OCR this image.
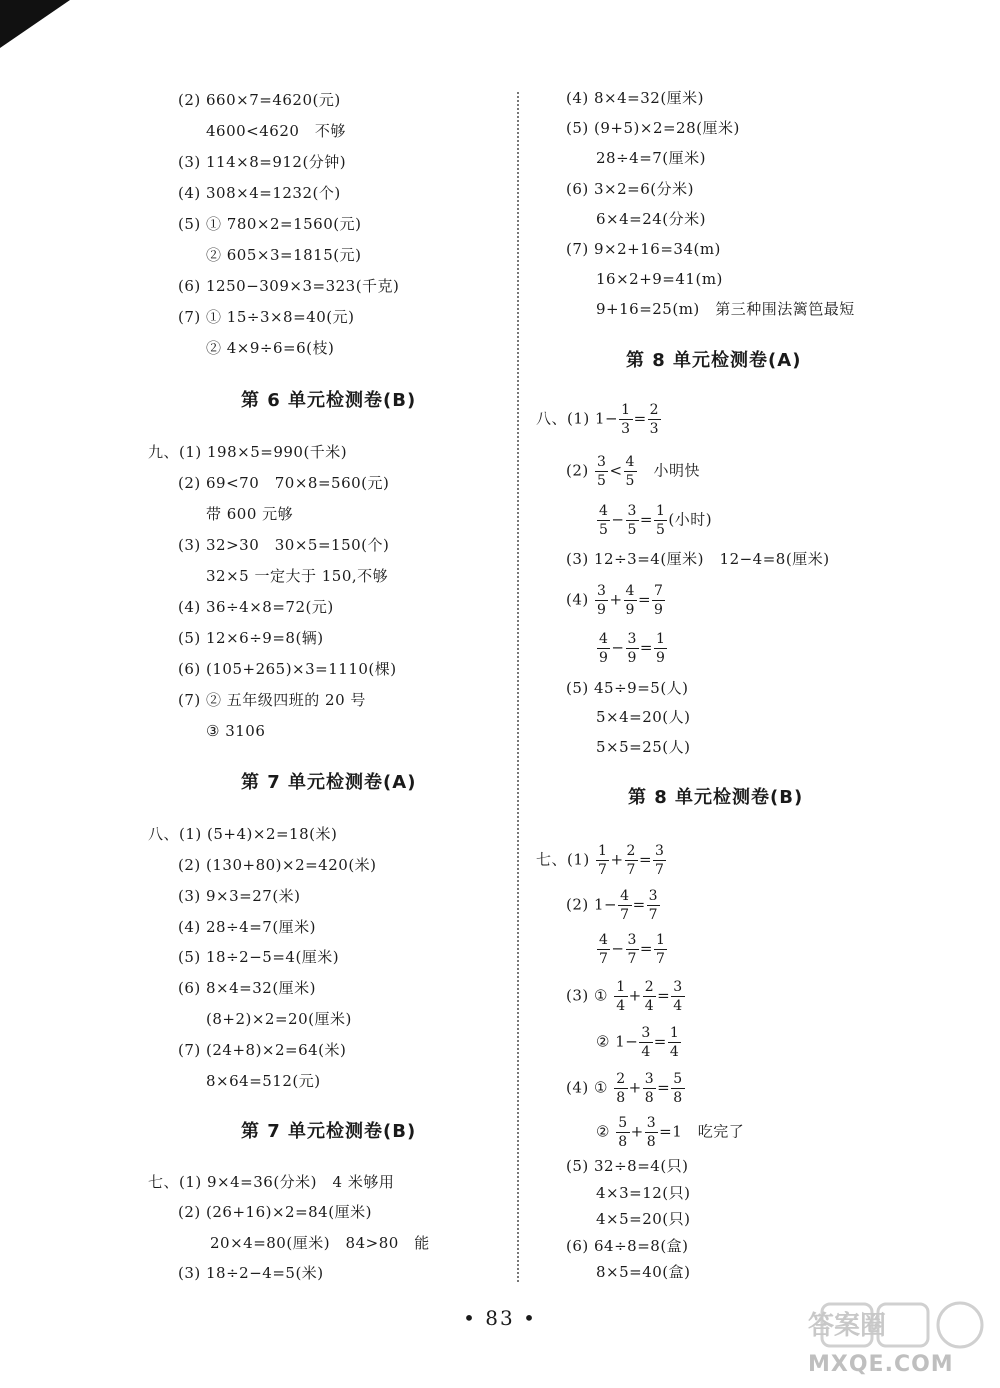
(2) 660×7=4620(元)
4600<4620　不够
(3) 114×8=912(分钟)
(4) 308×4=1232(个)
(5) ① 780×2=1560(元)
② 605×3=1815(元)
(6) 1250−309×3=323(千克)
(7) ① 15÷3×8=40(元)
② 4×9÷6=6(枝)
第 6 单元检测卷(B)
九、(1) 198×5=990(千米)
(2) 69<70　70×8=560(元)
带 600 元够
(3) 32>30　30×5=150(个)
32×5 一定大于 150,不够
(4) 36÷4×8=72(元)
(5) 12×6÷9=8(辆)
(6) (105+265)×3=1110(棵)
(7) ② 五年级四班的 20 号
③ 3106
第 7 单元检测卷(A)
八、(1) (5+4)×2=18(米)
(2) (130+80)×2=420(米)
(3) 9×3=27(米)
(4) 28÷4=7(厘米)
(5) 18÷2−5=4(厘米)
(6) 8×4=32(厘米)
(8+2)×2=20(厘米)
(7) (24+8)×2=64(米)
8×64=512(元)
第 7 单元检测卷(B)
七、(1) 9×4=36(分米)　4 米够用
(2) (26+16)×2=84(厘米)
20×4=80(厘米)　84>80　能
(3) 18÷2−4=5(米)
(4) 8×4=32(厘米)
(5) (9+5)×2=28(厘米)
28÷4=7(厘米)
(6) 3×2=6(分米)
6×4=24(分米)
(7) 9×2+16=34(m)
16×2+9=41(m)
9+16=25(m)　第三种围法篱笆最短
第 8 单元检测卷(A)
八、(1) $1- \frac{1}{3} = \frac{2}{3}$
$(2) \frac{3}{5} < \frac{4}{5}$ 　小明快
$\frac{4}{5} - \frac{3}{5} = \frac{1}{5}$ (小时)
(3) 12÷3=4(厘米)　12−4=8(厘米)
$(4) \frac{3}{9} + \frac{4}{9} = \frac{7}{9}$
$\frac{4}{9} - \frac{3}{9} = \frac{1}{9}$
(5) 45÷9=5(人)
5×4=20(人)
5×5=25(人)
第 8 单元检测卷(B)
七、$(1) \frac{1}{7} + \frac{2}{7} = \frac{3}{7}$
(2) $1- \frac{4}{7} = \frac{3}{7}$
$\frac{4}{7} - \frac{3}{7} = \frac{1}{7}$
(3) ① $\frac{1}{4} + \frac{2}{4} = \frac{3}{4}$
② $1- \frac{3}{4} = \frac{1}{4}$
(4) ① $\frac{2}{8} + \frac{3}{8} = \frac{5}{8}$
② $\frac{5}{8} + \frac{3}{8} =1$　吃完了
(5) 32÷8=4(只)
4×3=12(只)
4×5=20(只)
(6) 64÷8=8(盒)
8×5=40(盒)
• 83 •	答案圈
MXQE.COM
